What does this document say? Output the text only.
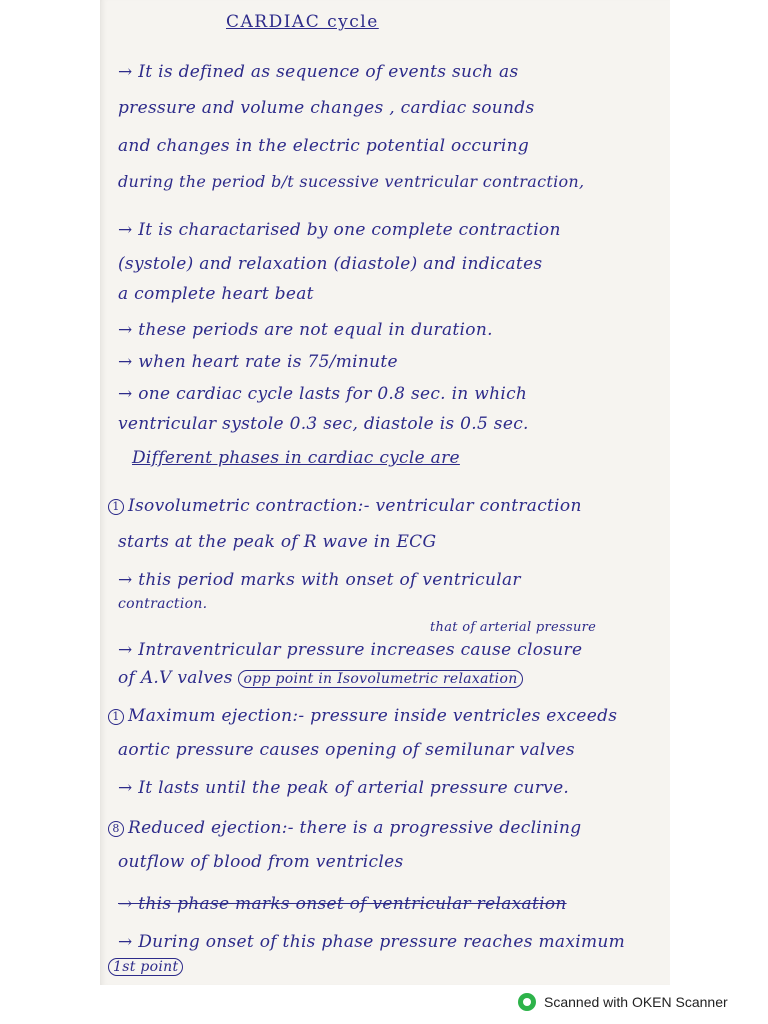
CARDIAC cycle
→ It is defined as sequence of events such as
pressure and volume changes , cardiac sounds
and changes in the electric potential occuring
during the period b/t sucessive ventricular contraction,
→ It is charactarised by one complete contraction
(systole) and relaxation (diastole) and indicates
a complete heart beat
→ these periods are not equal in duration.
→ when heart rate is 75/minute
→ one cardiac cycle lasts for 0.8 sec. in which
ventricular systole 0.3 sec, diastole is 0.5 sec.
Different phases in cardiac cycle are
1 Isovolumetric contraction:- ventricular contraction
starts at the peak of R wave in ECG
→ this period marks with onset of ventricular
contraction.
that of arterial pressure
→ Intraventricular pressure increases cause closure
of A.V valves opp point in Isovolumetric relaxation
1 Maximum ejection:- pressure inside ventricles exceeds
aortic pressure causes opening of semilunar valves
→ It lasts until the peak of arterial pressure curve.
8 Reduced ejection:- there is a progressive declining
outflow of blood from ventricles
→ this phase marks onset of ventricular relaxation
→ During onset of this phase pressure reaches maximum
1st point
Scanned with OKEN Scanner
